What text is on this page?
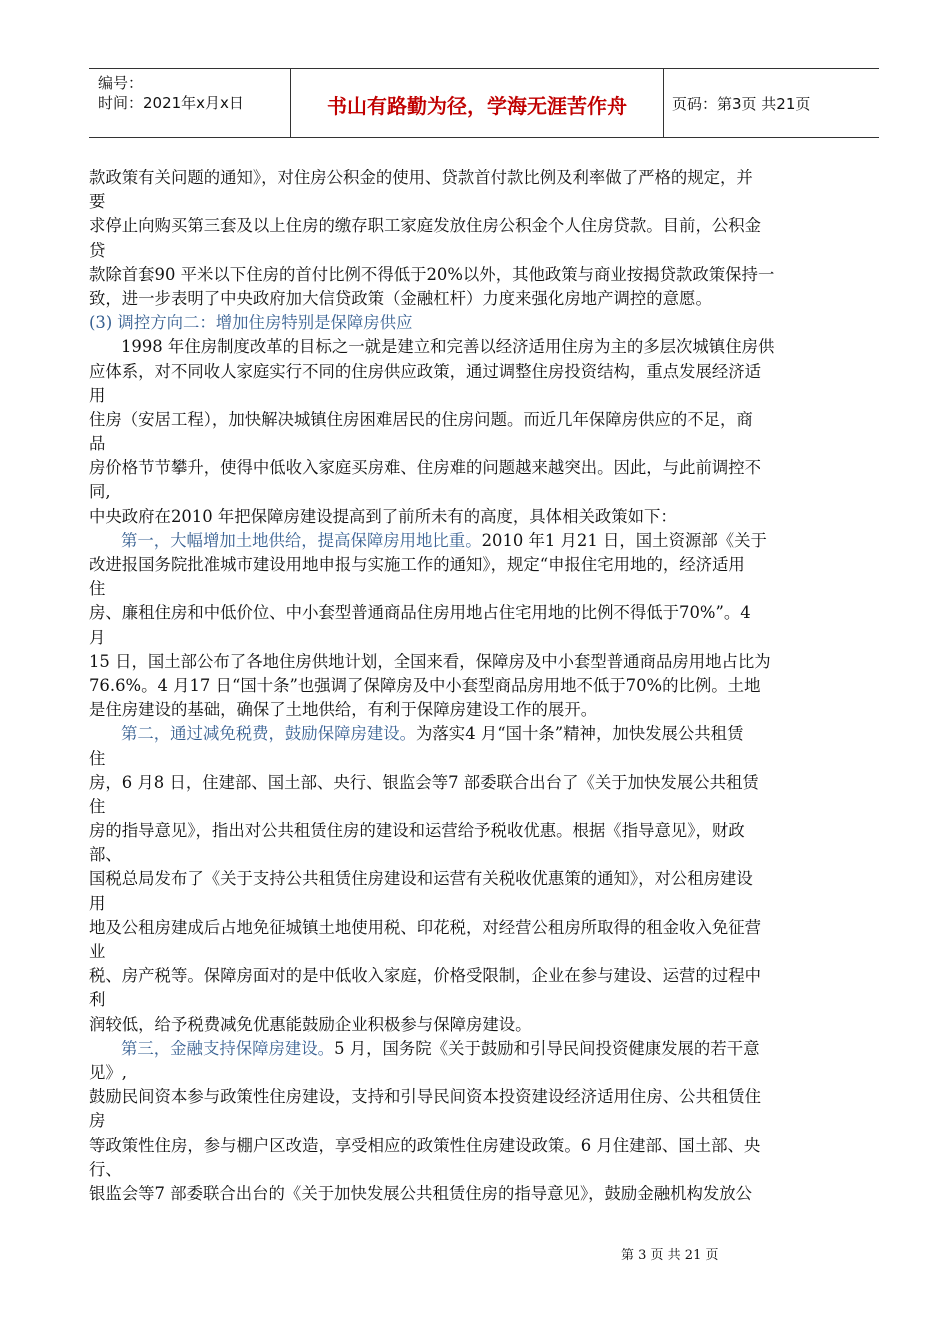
编号：
时间：2021年x月x日	书山有路勤为径，学海无涯苦作舟	页码：第3页 共21页
款政策有关问题的通知》，对住房公积金的使用、贷款首付款比例及利率做了严格的规定，并
要
求停止向购买第三套及以上住房的缴存职工家庭发放住房公积金个人住房贷款。目前，公积金
贷
款除首套90 平米以下住房的首付比例不得低于20%以外，其他政策与商业按揭贷款政策保持一
致，进一步表明了中央政府加大信贷政策（金融杠杆）力度来强化房地产调控的意愿。
(3) 调控方向二：增加住房特别是保障房供应
1998 年住房制度改革的目标之一就是建立和完善以经济适用住房为主的多层次城镇住房供
应体系，对不同收人家庭实行不同的住房供应政策，通过调整住房投资结构，重点发展经济适
用
住房（安居工程），加快解决城镇住房困难居民的住房问题。而近几年保障房供应的不足，商
品
房价格节节攀升，使得中低收入家庭买房难、住房难的问题越来越突出。因此，与此前调控不
同,
中央政府在2010 年把保障房建设提高到了前所未有的高度，具体相关政策如下：
第一，大幅增加土地供给，提高保障房用地比重。2010 年1 月21 日，国土资源部《关于
改进报国务院批准城市建设用地申报与实施工作的通知》，规定“申报住宅用地的，经济适用
住
房、廉租住房和中低价位、中小套型普通商品住房用地占住宅用地的比例不得低于70%”。4
月
15 日，国土部公布了各地住房供地计划，全国来看，保障房及中小套型普通商品房用地占比为
76.6%。4 月17 日“国十条”也强调了保障房及中小套型商品房用地不低于70%的比例。土地
是住房建设的基础，确保了土地供给，有利于保障房建设工作的展开。
第二，通过减免税费，鼓励保障房建设。为落实4 月“国十条”精神，加快发展公共租赁
住
房，6 月8 日，住建部、国土部、央行、银监会等7 部委联合出台了《关于加快发展公共租赁
住
房的指导意见》，指出对公共租赁住房的建设和运营给予税收优惠。根据《指导意见》，财政
部、
国税总局发布了《关于支持公共租赁住房建设和运营有关税收优惠策的通知》，对公租房建设
用
地及公租房建成后占地免征城镇土地使用税、印花税，对经营公租房所取得的租金收入免征营
业
税、房产税等。保障房面对的是中低收入家庭，价格受限制，企业在参与建设、运营的过程中
利
润较低，给予税费减免优惠能鼓励企业积极参与保障房建设。
第三，金融支持保障房建设。5 月，国务院《关于鼓励和引导民间投资健康发展的若干意
见》,
鼓励民间资本参与政策性住房建设，支持和引导民间资本投资建设经济适用住房、公共租赁住
房
等政策性住房，参与棚户区改造，享受相应的政策性住房建设政策。6 月住建部、国土部、央
行、
银监会等7 部委联合出台的《关于加快发展公共租赁住房的指导意见》，鼓励金融机构发放公
第 3 页 共 21 页
